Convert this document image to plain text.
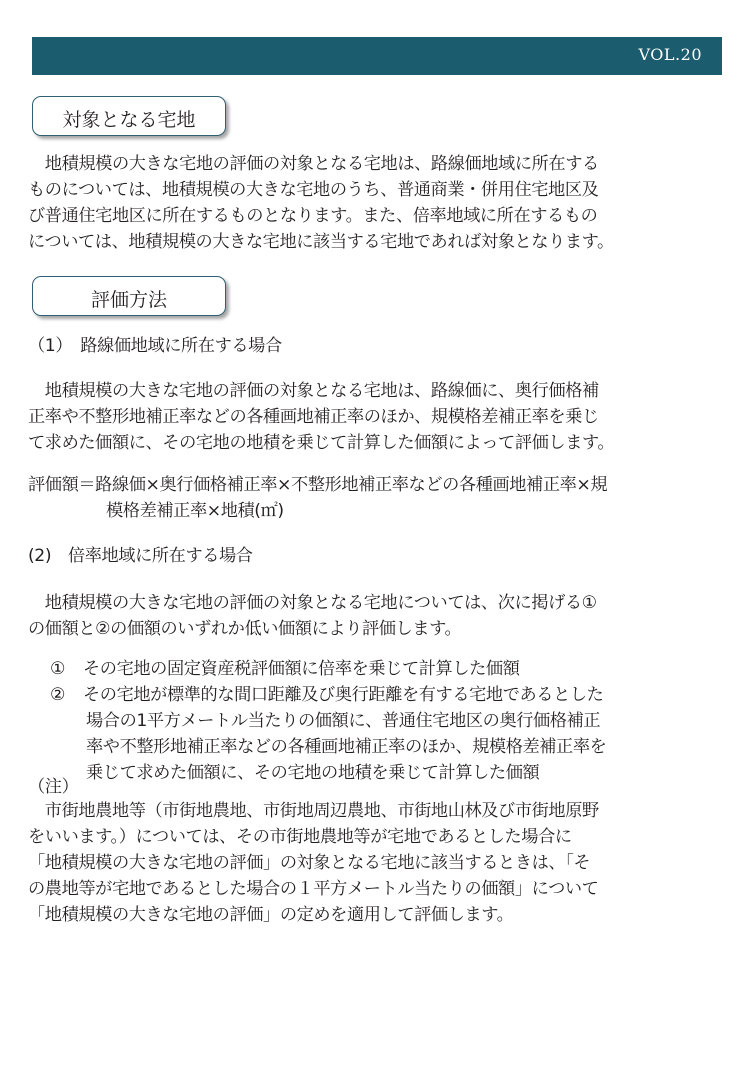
VOL.20
対象となる宅地
　地積規模の大きな宅地の評価の対象となる宅地は、路線価地域に所在する
ものについては、地積規模の大きな宅地のうち、普通商業・併用住宅地区及
び普通住宅地区に所在するものとなります。また、倍率地域に所在するもの
については、地積規模の大きな宅地に該当する宅地であれば対象となります。
評価方法
（1）　路線価地域に所在する場合
　地積規模の大きな宅地の評価の対象となる宅地は、路線価に、奥行価格補
正率や不整形地補正率などの各種画地補正率のほか、規模格差補正率を乗じ
て求めた価額に、その宅地の地積を乗じて計算した価額によって評価します。
評価額＝路線価×奥行価格補正率×不整形地補正率などの各種画地補正率×規
模格差補正率×地積(㎡)
(2)　倍率地域に所在する場合
　地積規模の大きな宅地の評価の対象となる宅地については、次に掲げる①
の価額と②の価額のいずれか低い価額により評価します。
① その宅地の固定資産税評価額に倍率を乗じて計算した価額
② その宅地が標準的な間口距離及び奥行距離を有する宅地であるとした
場合の1平方メートル当たりの価額に、普通住宅地区の奥行価格補正
率や不整形地補正率などの各種画地補正率のほか、規模格差補正率を
乗じて求めた価額に、その宅地の地積を乗じて計算した価額
（注）
　市街地農地等（市街地農地、市街地周辺農地、市街地山林及び市街地原野
をいいます。）については、その市街地農地等が宅地であるとした場合に
「地積規模の大きな宅地の評価」の対象となる宅地に該当するときは、「そ
の農地等が宅地であるとした場合の１平方メートル当たりの価額」について
「地積規模の大きな宅地の評価」の定めを適用して評価します。
